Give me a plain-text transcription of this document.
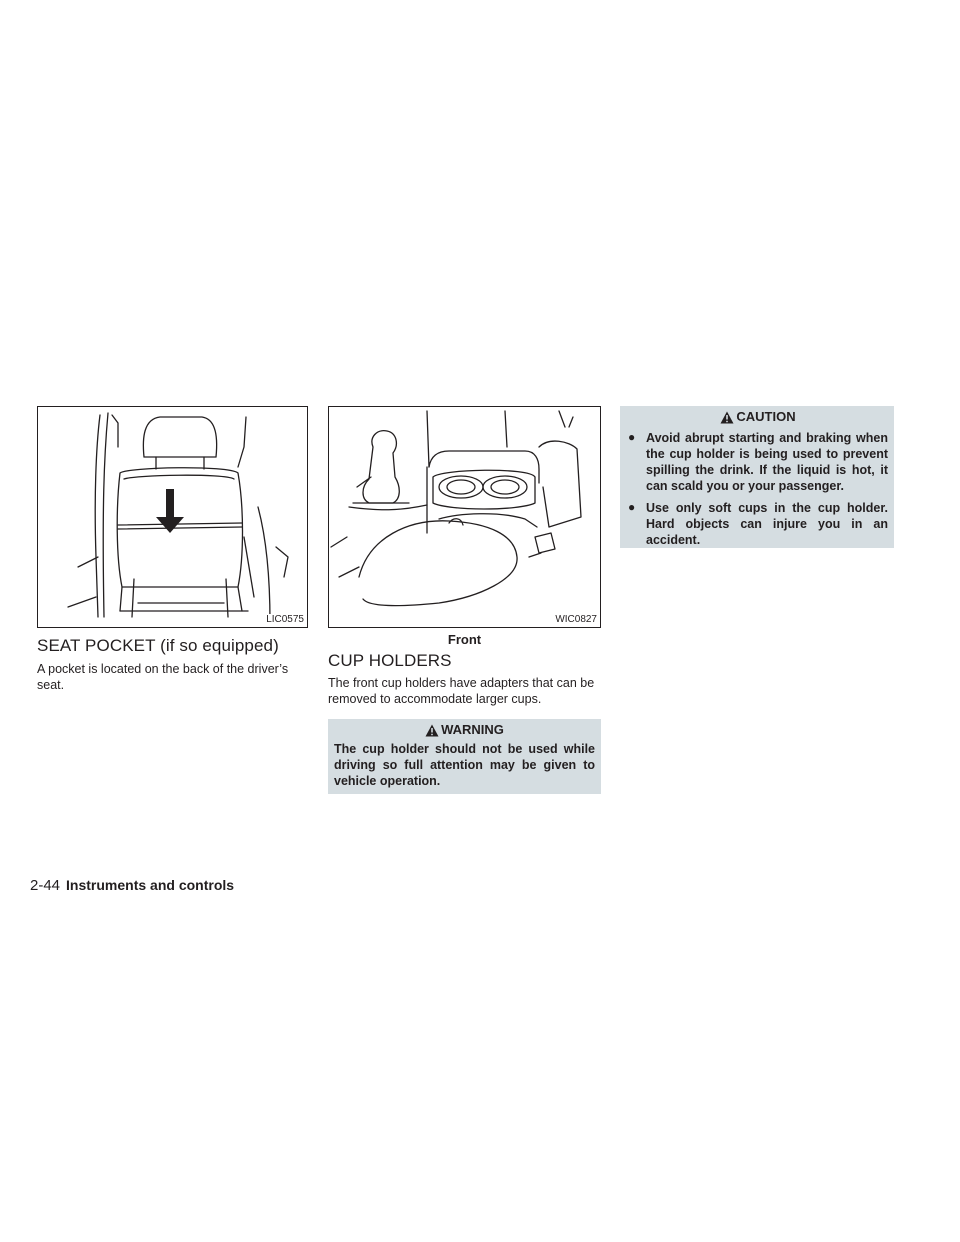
LIC0575
SEAT POCKET (if so equipped)
A pocket is located on the back of the driver’s seat.
WIC0827
Front
CUP HOLDERS
The front cup holders have adapters that can be removed to accommodate larger cups.
WARNING
The cup holder should not be used while driving so full attention may be given to vehicle operation.
CAUTION
● Avoid abrupt starting and braking when the cup holder is being used to prevent spilling the drink. If the liquid is hot, it can scald you or your passenger.
● Use only soft cups in the cup holder. Hard objects can injure you in an accident.
2-44 Instruments and controls
